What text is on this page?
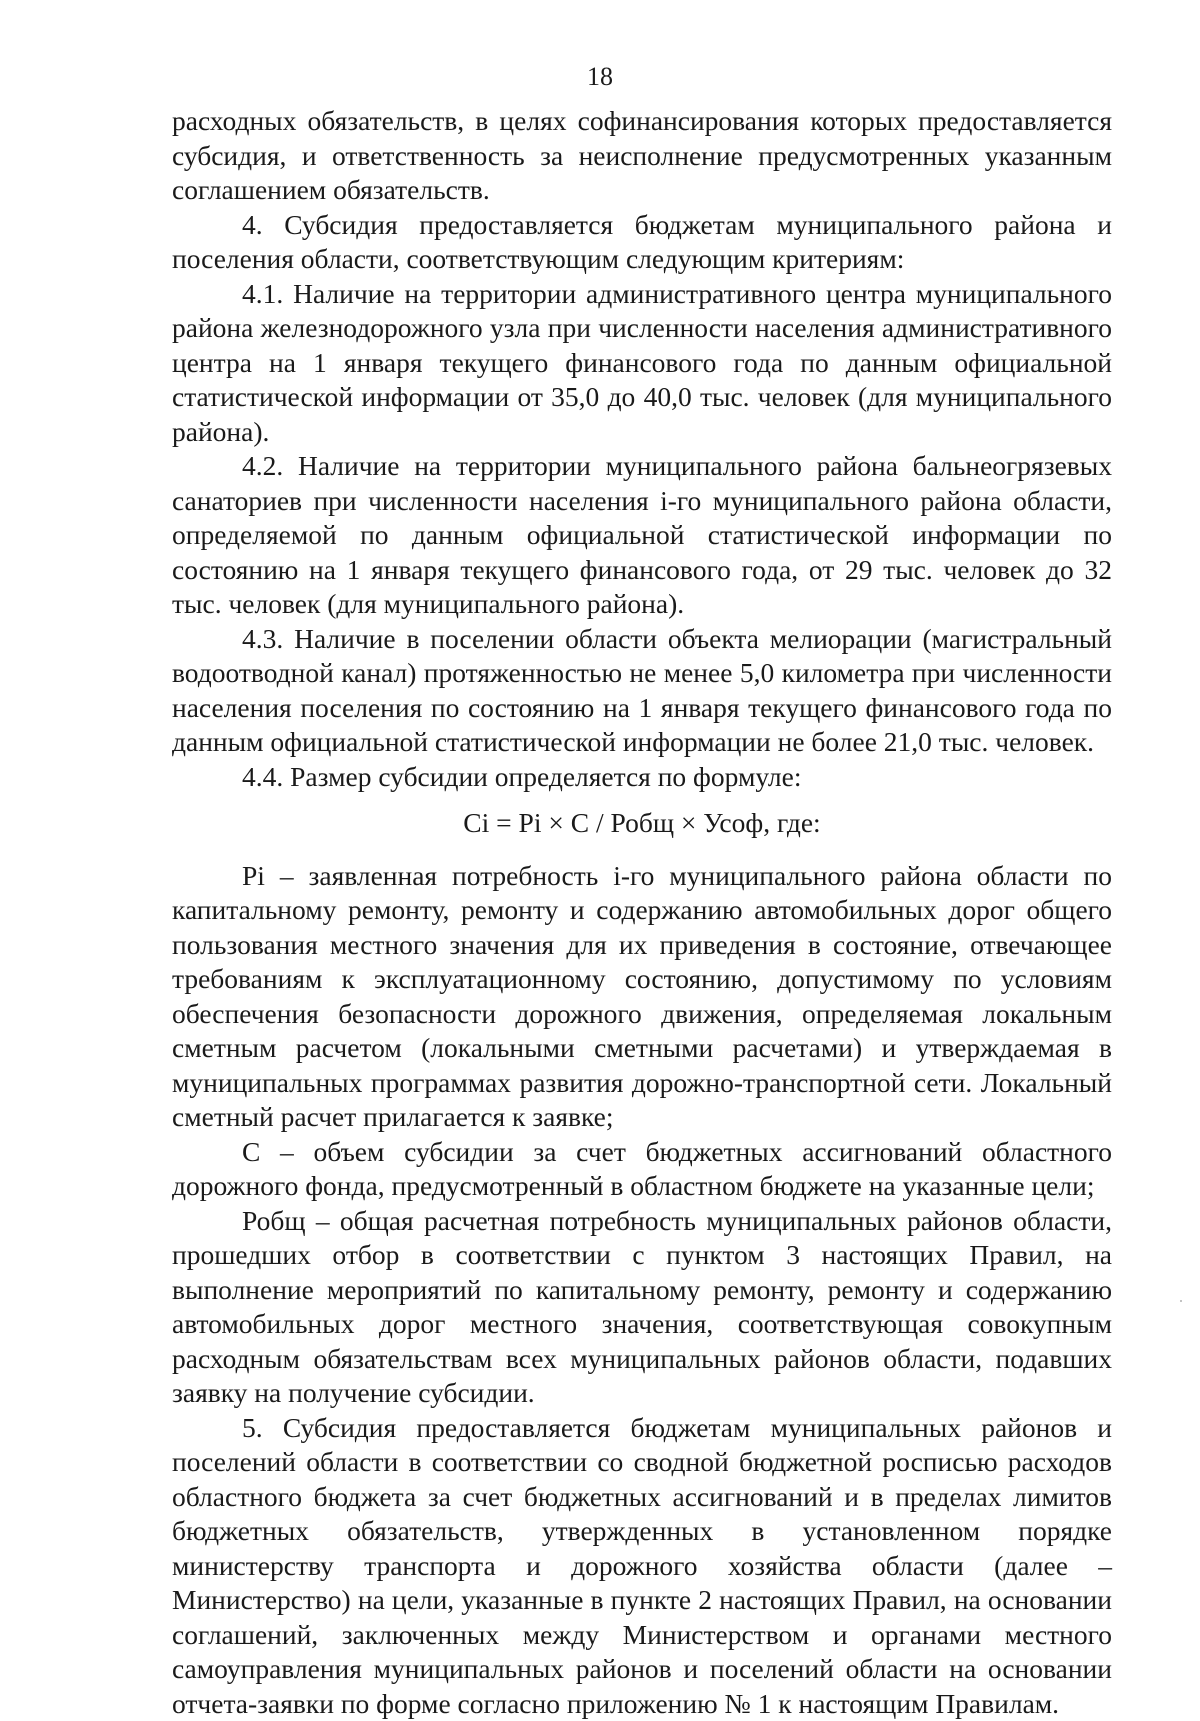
18

расходных обязательств, в целях софинансирования которых предоставляется субсидия, и ответственность за неисполнение предусмотренных указанным соглашением обязательств.

4. Субсидия предоставляется бюджетам муниципального района и поселения области, соответствующим следующим критериям:

4.1. Наличие на территории административного центра муниципального района железнодорожного узла при численности населения административного центра на 1 января текущего финансового года по данным официальной статистической информации от 35,0 до 40,0 тыс. человек (для муниципального района).

4.2. Наличие на территории муниципального района бальнеогрязевых санаториев при численности населения i-го муниципального района области, определяемой по данным официальной статистической информации по состоянию на 1 января текущего финансового года, от 29 тыс. человек до 32 тыс. человек (для муниципального района).

4.3. Наличие в поселении области объекта мелиорации (магистральный водоотводной канал) протяженностью не менее 5,0 километра при численности населения поселения по состоянию на 1 января текущего финансового года по данным официальной статистической информации не более 21,0 тыс. человек.

4.4. Размер субсидии определяется по формуле:

Ci = Pi × С / Робщ × Усоф, где:

Pi – заявленная потребность i-го муниципального района области по капитальному ремонту, ремонту и содержанию автомобильных дорог общего пользования местного значения для их приведения в состояние, отвечающее требованиям к эксплуатационному состоянию, допустимому по условиям обеспечения безопасности дорожного движения, определяемая локальным сметным расчетом (локальными сметными расчетами) и утверждаемая в муниципальных программах развития дорожно-транспортной сети. Локальный сметный расчет прилагается к заявке;

С – объем субсидии за счет бюджетных ассигнований областного дорожного фонда, предусмотренный в областном бюджете на указанные цели;

Робщ – общая расчетная потребность муниципальных районов области, прошедших отбор в соответствии с пунктом 3 настоящих Правил, на выполнение мероприятий по капитальному ремонту, ремонту и содержанию автомобильных дорог местного значения, соответствующая совокупным расходным обязательствам всех муниципальных районов области, подавших заявку на получение субсидии.

5. Субсидия предоставляется бюджетам муниципальных районов и поселений области в соответствии со сводной бюджетной росписью расходов областного бюджета за счет бюджетных ассигнований и в пределах лимитов бюджетных обязательств, утвержденных в установленном порядке министерству транспорта и дорожного хозяйства области (далее – Министерство) на цели, указанные в пункте 2 настоящих Правил, на основании соглашений, заключенных между Министерством и органами местного самоуправления муниципальных районов и поселений области на основании отчета-заявки по форме согласно приложению № 1 к настоящим Правилам.
